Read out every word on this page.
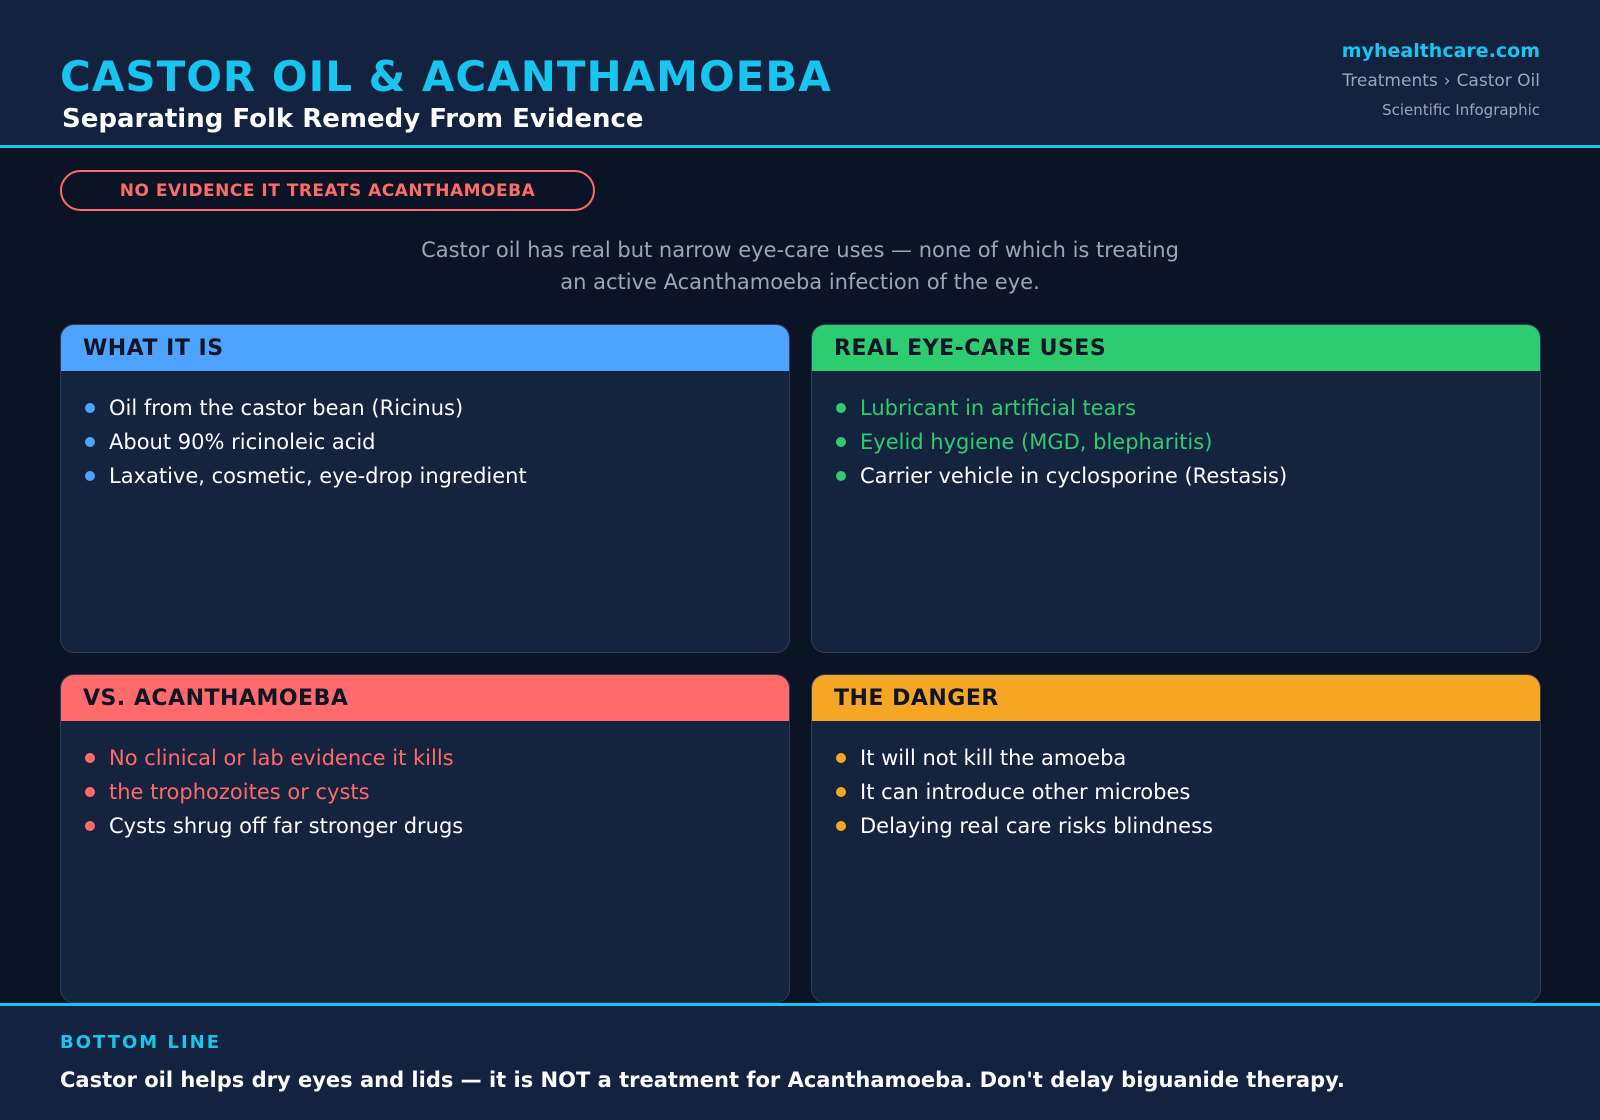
CASTOR OIL & ACANTHAMOEBA
Separating Folk Remedy From Evidence
myhealthcare.com
Treatments › Castor Oil
Scientific Infographic
NO EVIDENCE IT TREATS ACANTHAMOEBA

Castor oil has real but narrow eye-care uses — none of which is treating
an active Acanthamoeba infection of the eye.

WHAT IT IS
Oil from the castor bean (Ricinus)
About 90% ricinoleic acid
Laxative, cosmetic, eye-drop ingredient
REAL EYE-CARE USES
Lubricant in artificial tears
Eyelid hygiene (MGD, blepharitis)
Carrier vehicle in cyclosporine (Restasis)
VS. ACANTHAMOEBA
No clinical or lab evidence it kills
the trophozoites or cysts
Cysts shrug off far stronger drugs
THE DANGER
It will not kill the amoeba
It can introduce other microbes
Delaying real care risks blindness
BOTTOM LINE
Castor oil helps dry eyes and lids — it is NOT a treatment for Acanthamoeba. Don't delay biguanide therapy.
